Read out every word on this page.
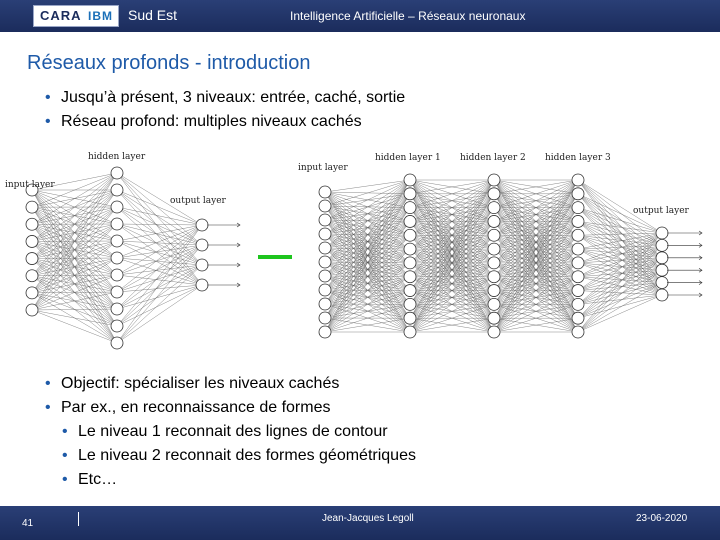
CARA IBM Sud Est	Intelligence Artificielle – Réseaux neuronaux
Réseaux profonds - introduction
• Jusqu’à présent, 3 niveaux: entrée, caché, sortie
• Réseau profond: multiples niveaux cachés
input layer
hidden layer
output layer
input layer
hidden layer 1 hidden layer 2 hidden layer 3
output layer
• Objectif: spécialiser les niveaux cachés
• Par ex., en reconnaissance de formes
• Le niveau 1 reconnait des lignes de contour
• Le niveau 2 reconnait des formes géométriques
• Etc…
41	Jean-Jacques Legoll	23-06-2020
